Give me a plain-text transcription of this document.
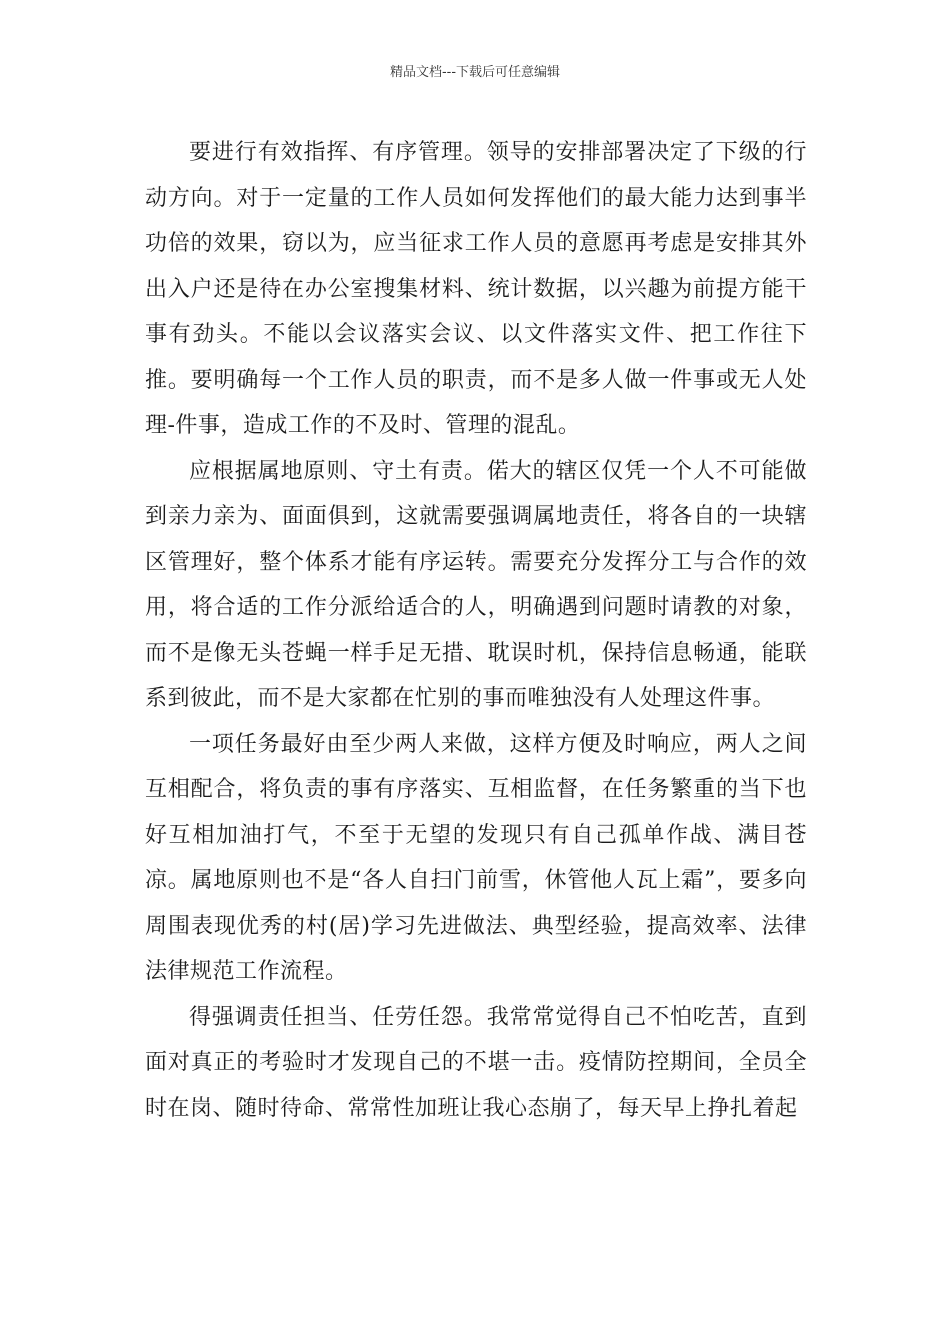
精品文档---下载后可任意编辑

要进行有效指挥、有序管理。领导的安排部署决定了下级的行动方向。对于一定量的工作人员如何发挥他们的最大能力达到事半功倍的效果，窃以为，应当征求工作人员的意愿再考虑是安排其外出入户还是待在办公室搜集材料、统计数据，以兴趣为前提方能干事有劲头。不能以会议落实会议、以文件落实文件、把工作往下推。要明确每一个工作人员的职责，而不是多人做一件事或无人处理-件事，造成工作的不及时、管理的混乱。

应根据属地原则、守土有责。偌大的辖区仅凭一个人不可能做到亲力亲为、面面俱到，这就需要强调属地责任，将各自的一块辖区管理好，整个体系才能有序运转。需要充分发挥分工与合作的效用，将合适的工作分派给适合的人，明确遇到问题时请教的对象，而不是像无头苍蝇一样手足无措、耽误时机，保持信息畅通，能联系到彼此，而不是大家都在忙别的事而唯独没有人处理这件事。

一项任务最好由至少两人来做，这样方便及时响应，两人之间互相配合，将负责的事有序落实、互相监督，在任务繁重的当下也好互相加油打气，不至于无望的发现只有自己孤单作战、满目苍凉。属地原则也不是“各人自扫门前雪，休管他人瓦上霜”，要多向周围表现优秀的村(居)学习先进做法、典型经验，提高效率、法律法律规范工作流程。

得强调责任担当、任劳任怨。我常常觉得自己不怕吃苦，直到面对真正的考验时才发现自己的不堪一击。疫情防控期间，全员全时在岗、随时待命、常常性加班让我心态崩了，每天早上挣扎着起
